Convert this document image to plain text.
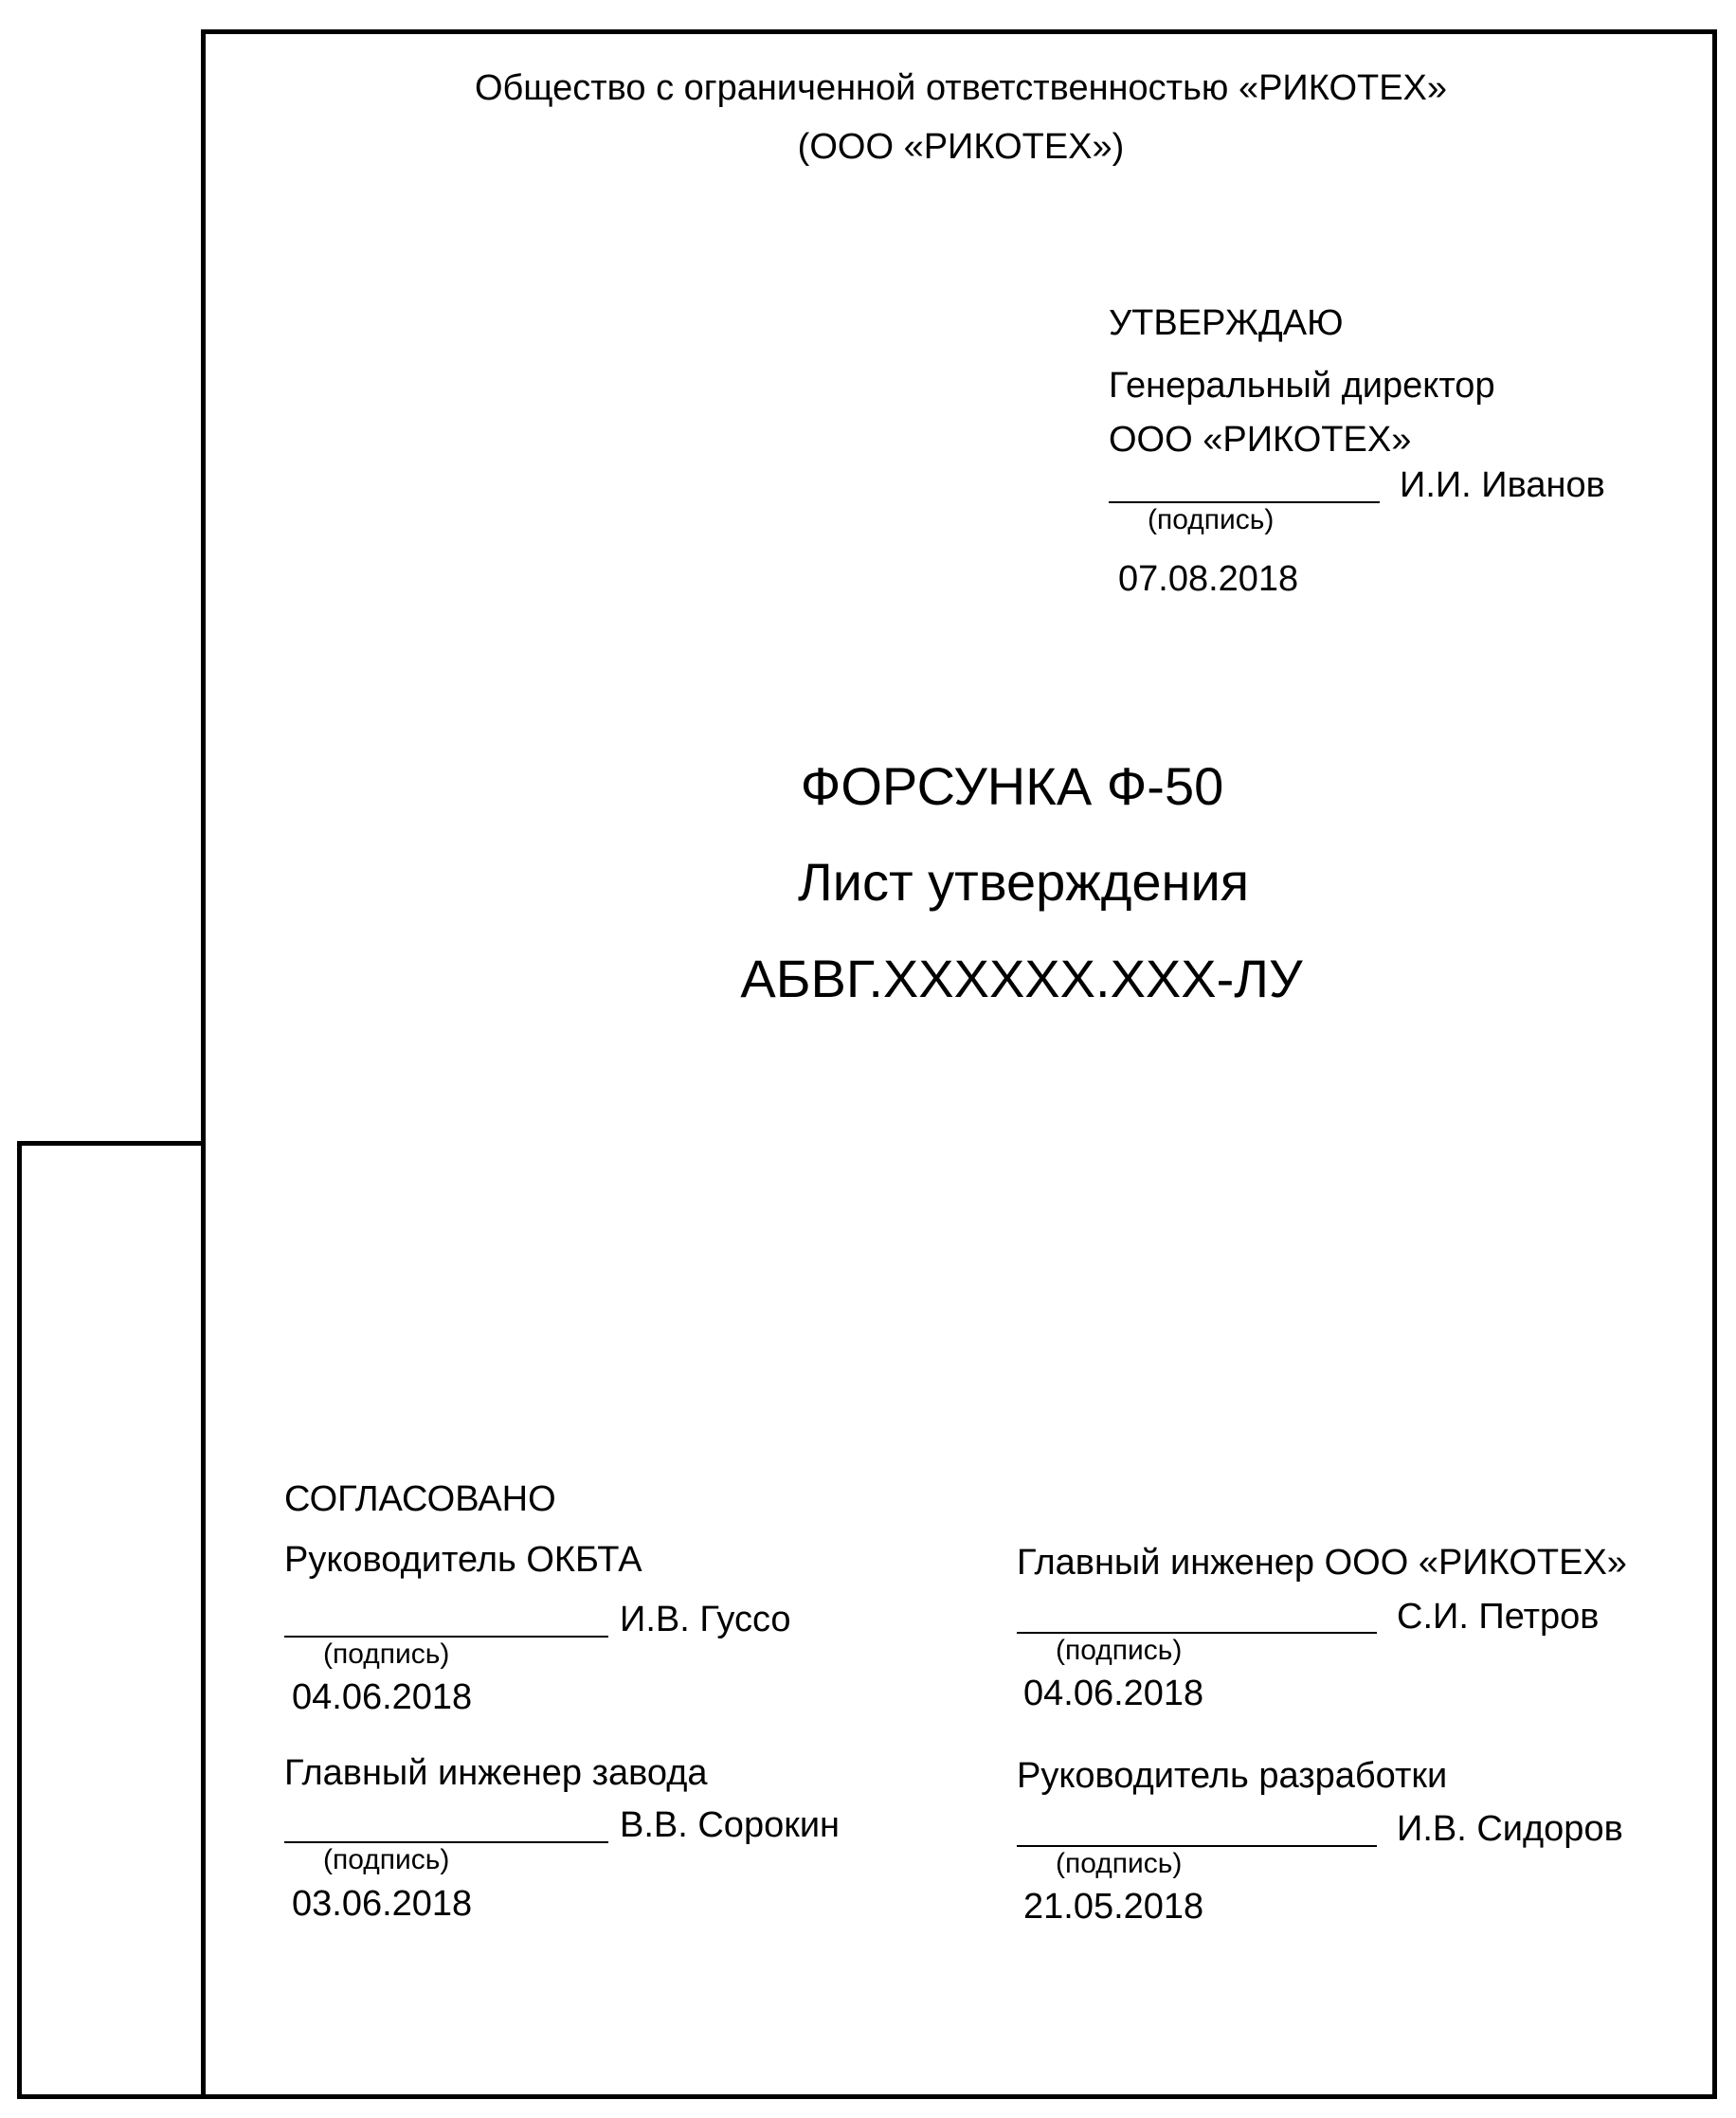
Общество с ограниченной ответственностью «РИКОТЕХ»
(ООО «РИКОТЕХ»)
УТВЕРЖДАЮ
Генеральный директор
ООО «РИКОТЕХ»
И.И. Иванов
(подпись)
07.08.2018
ФОРСУНКА Ф-50
Лист утверждения
АБВГ.XXXXXX.XXX-ЛУ
СОГЛАСОВАНО
Руководитель ОКБТА
И.В. Гуссо
(подпись)
04.06.2018
Главный инженер завода
В.В. Сорокин
(подпись)
03.06.2018
Главный инженер ООО «РИКОТЕХ»
С.И. Петров
(подпись)
04.06.2018
Руководитель разработки
И.В. Сидоров
(подпись)
21.05.2018
